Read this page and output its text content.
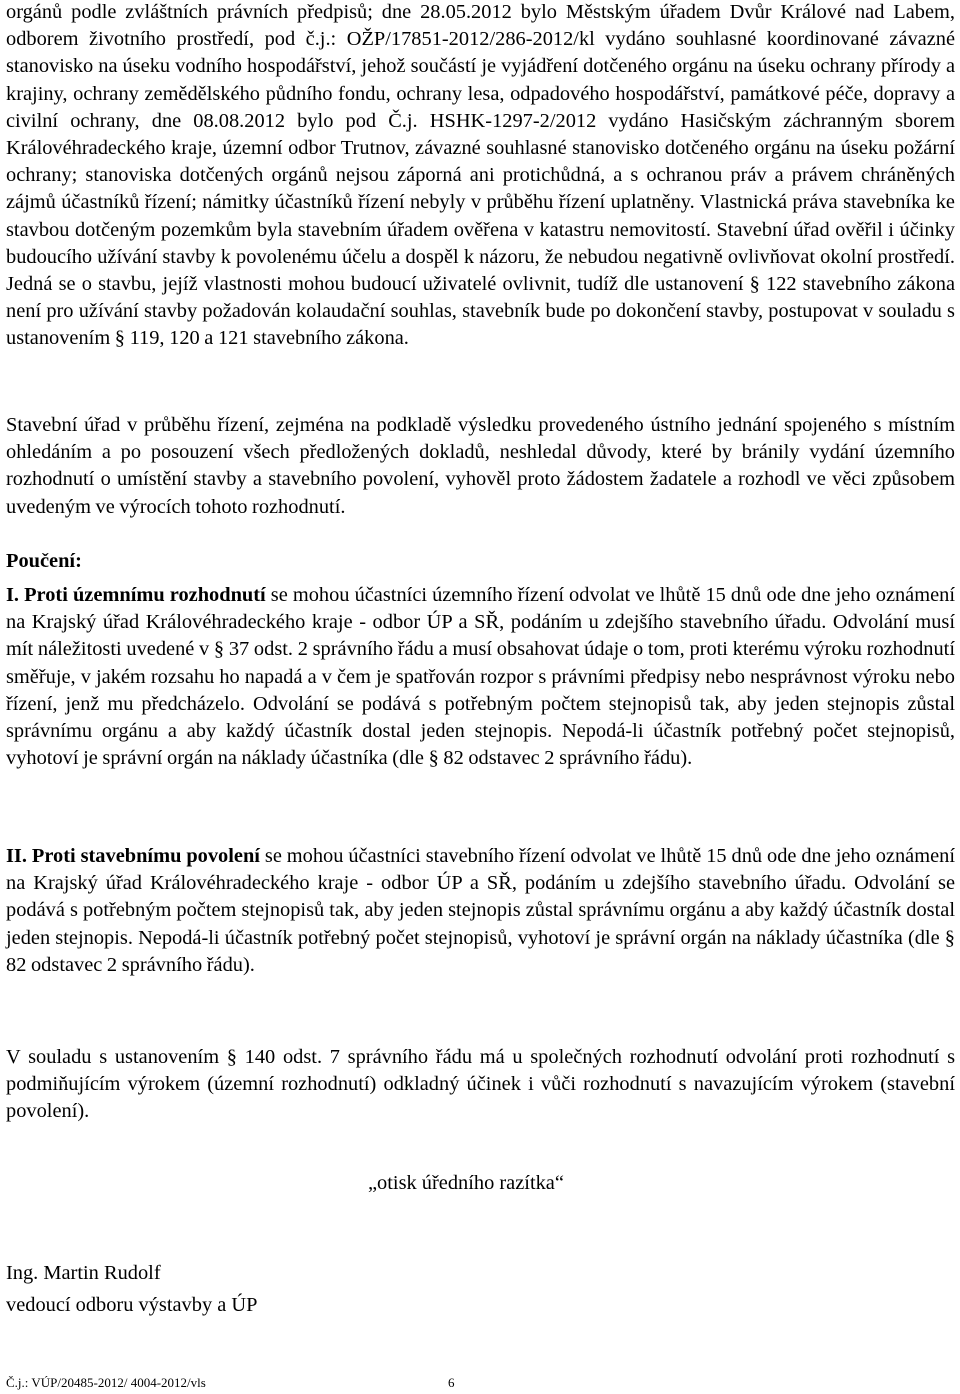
orgánů podle zvláštních právních předpisů; dne 28.05.2012 bylo Městským úřadem Dvůr Králové nad Labem, odborem životního prostředí, pod č.j.: OŽP/17851-2012/286-2012/kl vydáno souhlasné koordinované závazné stanovisko na úseku vodního hospodářství, jehož součástí je vyjádření dotčeného orgánu na úseku ochrany přírody a krajiny, ochrany zemědělského půdního fondu, ochrany lesa, odpadového hospodářství, památkové péče, dopravy a civilní ochrany, dne 08.08.2012 bylo pod Č.j. HSHK-1297-2/2012 vydáno Hasičským záchranným sborem Královéhradeckého kraje, územní odbor Trutnov, závazné souhlasné stanovisko dotčeného orgánu na úseku požární ochrany; stanoviska dotčených orgánů nejsou záporná ani protichůdná, a s ochranou práv a právem chráněných zájmů účastníků řízení; námitky účastníků řízení nebyly v průběhu řízení uplatněny. Vlastnická práva stavebníka ke stavbou dotčeným pozemkům byla stavebním úřadem ověřena v katastru nemovitostí. Stavební úřad ověřil i účinky budoucího užívání stavby k povolenému účelu a dospěl k názoru, že nebudou negativně ovlivňovat okolní prostředí. Jedná se o stavbu, jejíž vlastnosti mohou budoucí uživatelé ovlivnit, tudíž dle ustanovení § 122 stavebního zákona není pro užívání stavby požadován kolaudační souhlas, stavebník bude po dokončení stavby, postupovat v souladu s ustanovením § 119, 120 a 121 stavebního zákona.

Stavební úřad v průběhu řízení, zejména na podkladě výsledku provedeného ústního jednání spojeného s místním ohledáním a po posouzení všech předložených dokladů, neshledal důvody, které by bránily vydání územního rozhodnutí o umístění stavby a stavebního povolení, vyhověl proto žádostem žadatele a rozhodl ve věci způsobem uvedeným ve výrocích tohoto rozhodnutí.

Poučení:

I. Proti územnímu rozhodnutí se mohou účastníci územního řízení odvolat ve lhůtě 15 dnů ode dne jeho oznámení na Krajský úřad Královéhradeckého kraje - odbor ÚP a SŘ, podáním u zdejšího stavebního úřadu. Odvolání musí mít náležitosti uvedené v § 37 odst. 2 správního řádu a musí obsahovat údaje o tom, proti kterému výroku rozhodnutí směřuje, v jakém rozsahu ho napadá a v čem je spatřován rozpor s právními předpisy nebo nesprávnost výroku nebo řízení, jenž mu předcházelo. Odvolání se podává s potřebným počtem stejnopisů tak, aby jeden stejnopis zůstal správnímu orgánu a aby každý účastník dostal jeden stejnopis. Nepodá-li účastník potřebný počet stejnopisů, vyhotoví je správní orgán na náklady účastníka (dle § 82 odstavec 2 správního řádu).

II. Proti stavebnímu povolení se mohou účastníci stavebního řízení odvolat ve lhůtě 15 dnů ode dne jeho oznámení na Krajský úřad Královéhradeckého kraje - odbor ÚP a SŘ, podáním u zdejšího stavebního úřadu. Odvolání se podává s potřebným počtem stejnopisů tak, aby jeden stejnopis zůstal správnímu orgánu a aby každý účastník dostal jeden stejnopis. Nepodá-li účastník potřebný počet stejnopisů, vyhotoví je správní orgán na náklady účastníka (dle § 82 odstavec 2 správního řádu).

V souladu s ustanovením § 140 odst. 7 správního řádu má u společných rozhodnutí odvolání proti rozhodnutí s podmiňujícím výrokem (územní rozhodnutí) odkladný účinek i vůči rozhodnutí s navazujícím výrokem (stavební povolení).

„otisk úředního razítka“

Ing. Martin Rudolf

vedoucí odboru výstavby a ÚP

Č.j.: VÚP/20485-2012/ 4004-2012/vls	6
